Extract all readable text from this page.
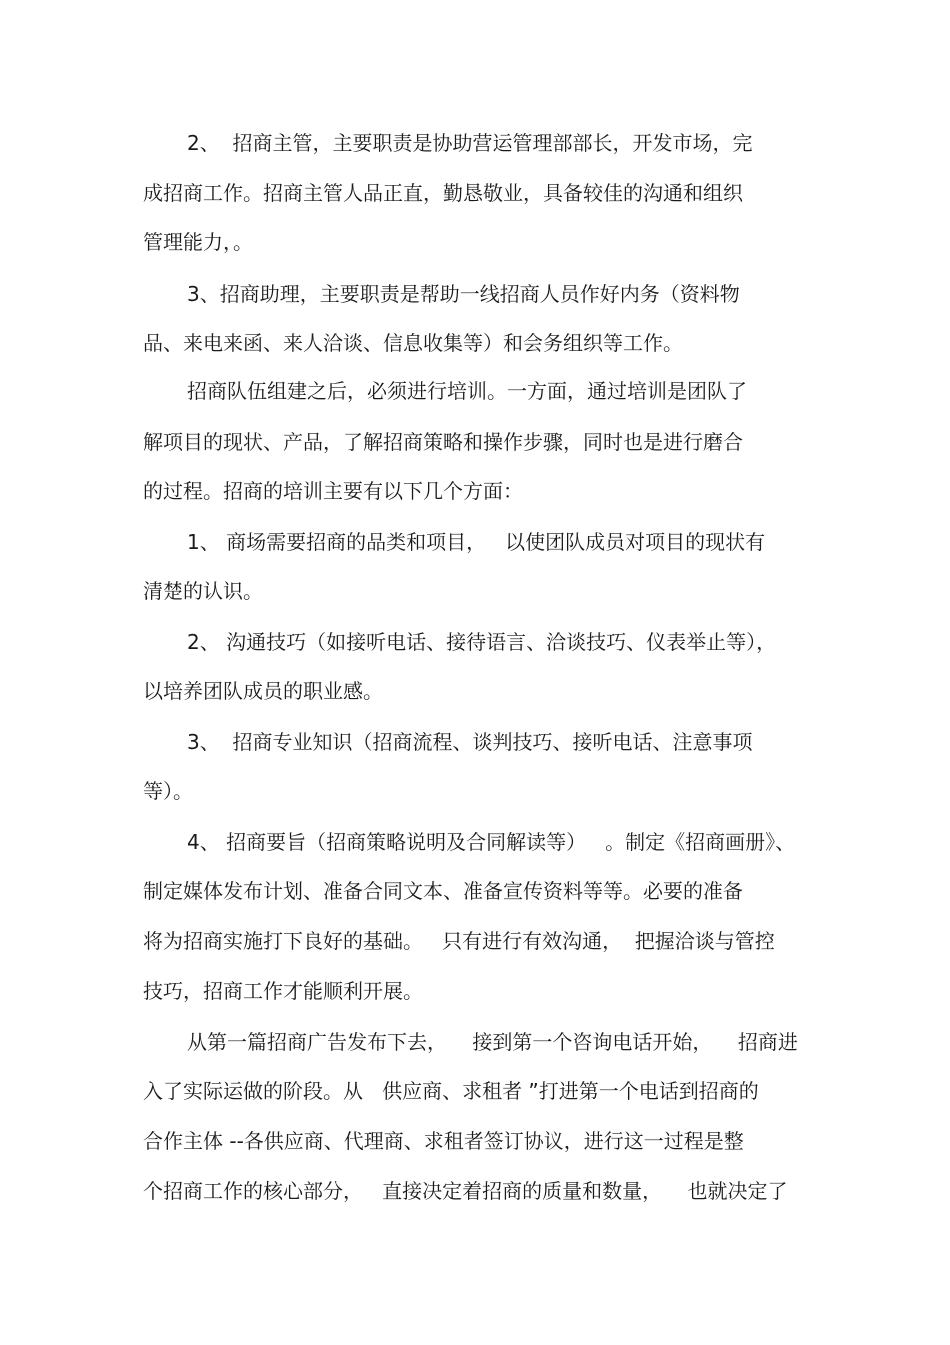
2、  招商主管，主要职责是协助营运管理部部长，开发市场，完

成招商工作。招商主管人品正直，勤恳敬业，具备较佳的沟通和组织

管理能力，。

3、招商助理，主要职责是帮助一线招商人员作好内务（资料物

品、来电来函、来人洽谈、信息收集等）和会务组织等工作。

招商队伍组建之后，必须进行培训。一方面，通过培训是团队了

解项目的现状、产品，了解招商策略和操作步骤，同时也是进行磨合

的过程。招商的培训主要有以下几个方面：

1、 商场需要招商的品类和项目，   以使团队成员对项目的现状有

清楚的认识。

2、 沟通技巧（如接听电话、接待语言、洽谈技巧、仪表举止等），

以培养团队成员的职业感。

3、  招商专业知识（招商流程、谈判技巧、接听电话、注意事项

等）。

4、 招商要旨（招商策略说明及合同解读等）   。制定《招商画册》、

制定媒体发布计划、准备合同文本、准备宣传资料等等。必要的准备

将为招商实施打下良好的基础。   只有进行有效沟通，  把握洽谈与管控

技巧，招商工作才能顺利开展。

从第一篇招商广告发布下去，    接到第一个咨询电话开始，    招商进

入了实际运做的阶段。从   供应商、求租者 ”打进第一个电话到招商的

合作主体 --各供应商、代理商、求租者签订协议，进行这一过程是整

个招商工作的核心部分，   直接决定着招商的质量和数量，    也就决定了
